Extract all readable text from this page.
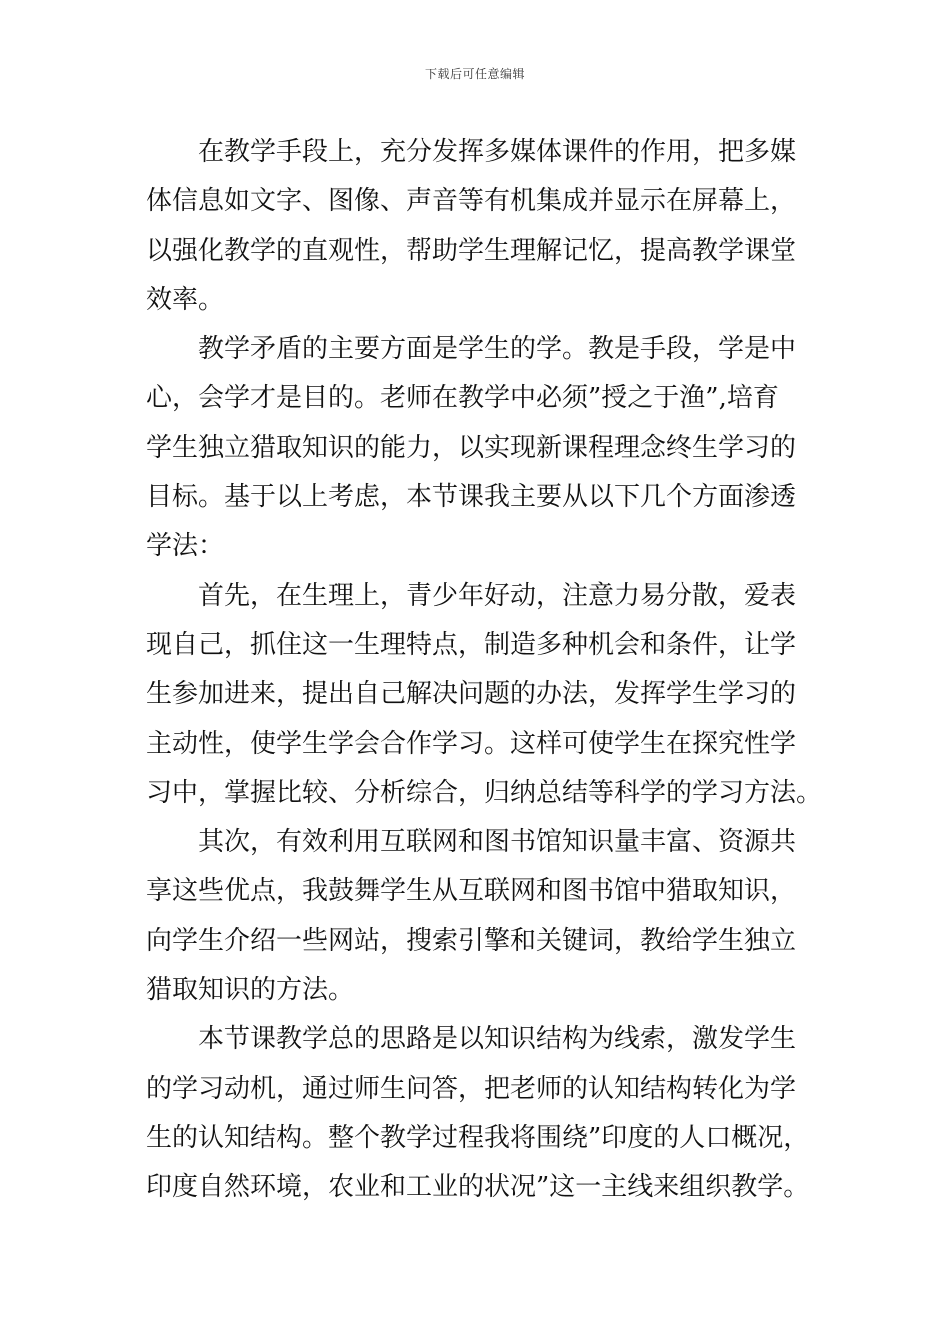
下载后可任意编辑
在教学手段上，充分发挥多媒体课件的作用，把多媒
体信息如文字、图像、声音等有机集成并显示在屏幕上，
以强化教学的直观性，帮助学生理解记忆，提高教学课堂
效率。
教学矛盾的主要方面是学生的学。教是手段，学是中
心，会学才是目的。老师在教学中必须”授之于渔”,培育
学生独立猎取知识的能力，以实现新课程理念终生学习的
目标。基于以上考虑，本节课我主要从以下几个方面渗透
学法：
首先，在生理上，青少年好动，注意力易分散，爱表
现自己，抓住这一生理特点，制造多种机会和条件，让学
生参加进来，提出自己解决问题的办法，发挥学生学习的
主动性，使学生学会合作学习。这样可使学生在探究性学
习中，掌握比较、分析综合，归纳总结等科学的学习方法。
其次，有效利用互联网和图书馆知识量丰富、资源共
享这些优点，我鼓舞学生从互联网和图书馆中猎取知识，
向学生介绍一些网站，搜索引擎和关键词，教给学生独立
猎取知识的方法。
本节课教学总的思路是以知识结构为线索，激发学生
的学习动机，通过师生问答，把老师的认知结构转化为学
生的认知结构。整个教学过程我将围绕”印度的人口概况，
印度自然环境，农业和工业的状况”这一主线来组织教学。
